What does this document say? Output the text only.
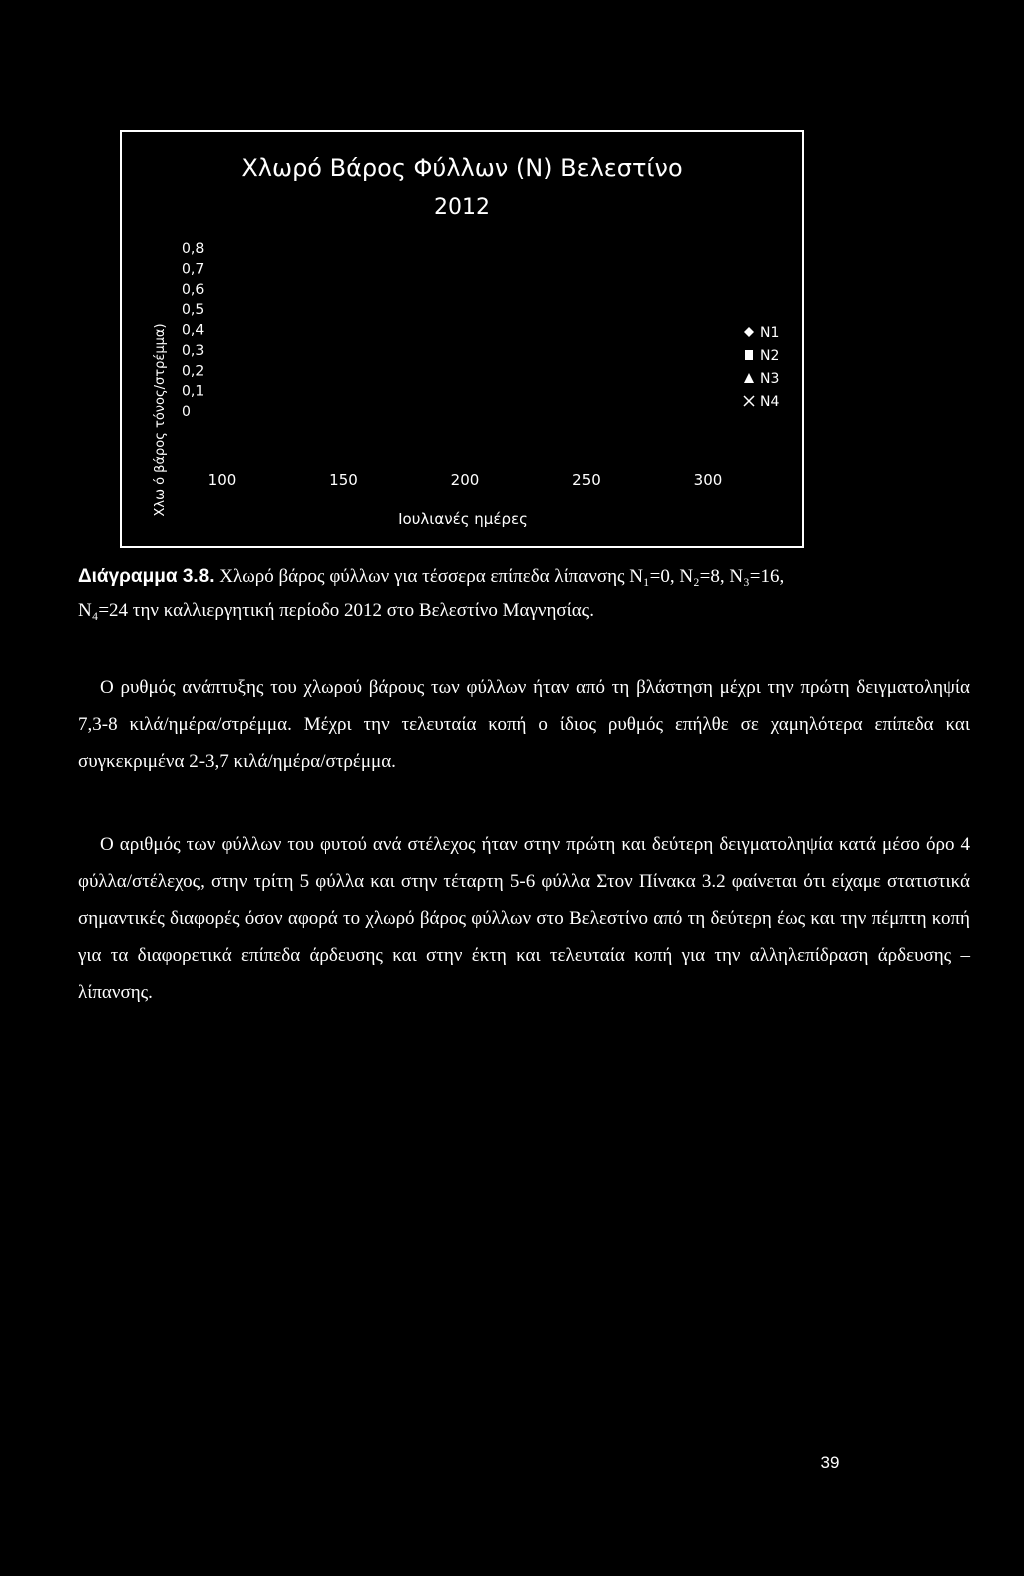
Χλωρό Βάρος Φύλλων (Ν) Βελεστίνο
2012
Χλω ό βάρος τόνος/στρέμμα)
Ιουλιανές ημέρες
0,8
0,7
0,6
0,5
0,4
0,3
0,2
0,1
0
100	150	200	250	300
N1
N2
N3
N4

Διάγραμμα 3.8. Χλωρό βάρος φύλλων για τέσσερα επίπεδα λίπανσης N₁=0, N₂=8, N₃=16,
N₄=24 την καλλιεργητική περίοδο 2012 στο Βελεστίνο Μαγνησίας.

Ο ρυθμός ανάπτυξης του χλωρού βάρους των φύλλων ήταν από τη βλάστηση μέχρι την πρώτη δειγματοληψία 7,3-8 κιλά/ημέρα/στρέμμα. Μέχρι την τελευταία κοπή ο ίδιος ρυθμός επήλθε σε χαμηλότερα επίπεδα και συγκεκριμένα 2-3,7 κιλά/ημέρα/στρέμμα.

Ο αριθμός των φύλλων του φυτού ανά στέλεχος ήταν στην πρώτη και δεύτερη δειγματοληψία κατά μέσο όρο 4 φύλλα/στέλεχος, στην τρίτη 5 φύλλα και στην τέταρτη 5-6 φύλλα Στον Πίνακα 3.2 φαίνεται ότι είχαμε στατιστικά σημαντικές διαφορές όσον αφορά το χλωρό βάρος φύλλων στο Βελεστίνο από τη δεύτερη έως και την πέμπτη κοπή για τα διαφορετικά επίπεδα άρδευσης και στην έκτη και τελευταία κοπή για την αλληλεπίδραση άρδευσης – λίπανσης.

39
